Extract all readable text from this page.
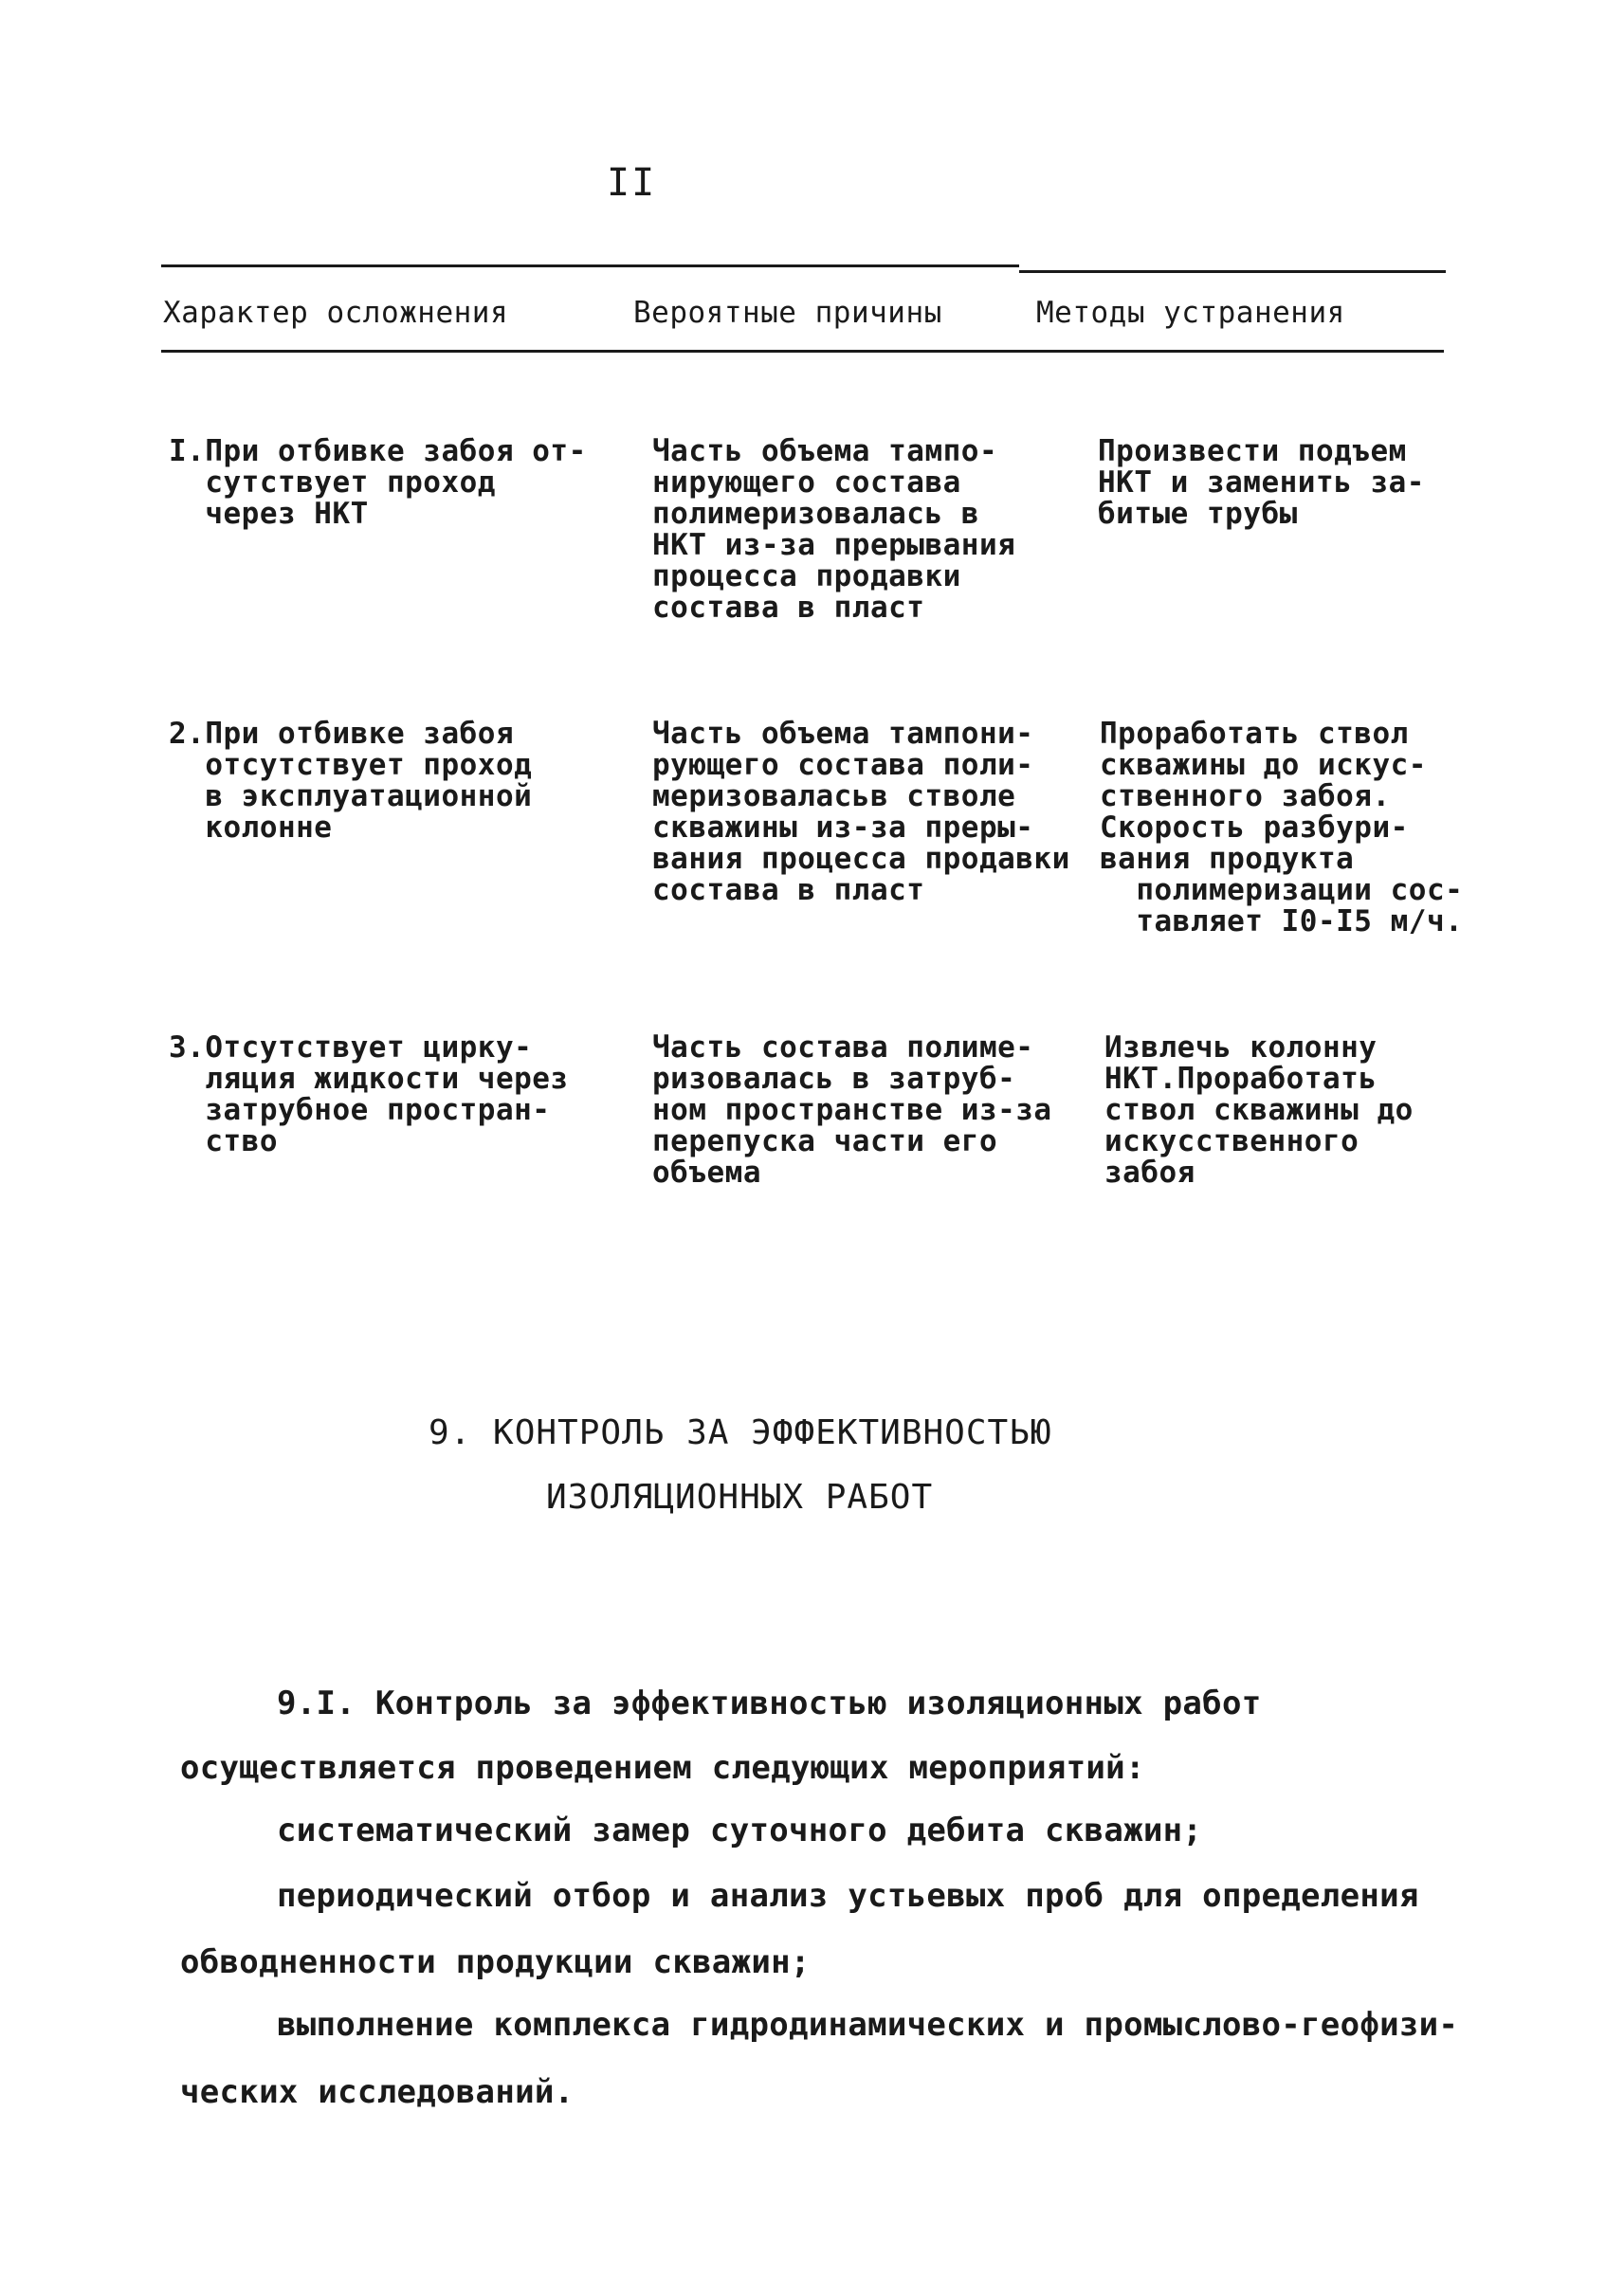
II
Характер осложнения	Вероятные причины	Методы устранения
I.При отбивке забоя от-
сутствует проход
через НКТ
Часть объема тампо-
нирующего состава
полимеризовалась в
НКТ из-за прерывания
процесса продавки
состава в пласт
Произвести подъем
НКТ и заменить за-
битые трубы
2.При отбивке забоя
отсутствует проход
в эксплуатационной
колонне
Часть объема тампони-
рующего состава поли-
меризоваласьв стволе
скважины из-за преры-
вания процесса продавки
состава в пласт
Проработать ствол
скважины до искус-
ственного забоя.
Скорость разбури-
вания продукта
полимеризации сос-
тавляет I0-I5 м/ч.
3.Отсутствует циркy-
ляция жидкости через
затрубное простран-
ство
Часть состава полиме-
ризовалась в затруб-
ном пространстве из-за
перепуска части его
объема
Извлечь колонну
НКТ.Проработать
ствол скважины до
искусственного
забоя
9. КОНТРОЛЬ ЗА ЭФФЕКТИВНОСТЬЮ
ИЗОЛЯЦИОННЫХ РАБОТ
9.I. Контроль за эффективностью изоляционных работ
осуществляется проведением следующих мероприятий:
систематический замер суточного дебита скважин;
периодический отбор и анализ устьевых проб для определения
обводненности продукции скважин;
выполнение комплекса гидродинамических и промыслово-геофизи-
ческих исследований.
